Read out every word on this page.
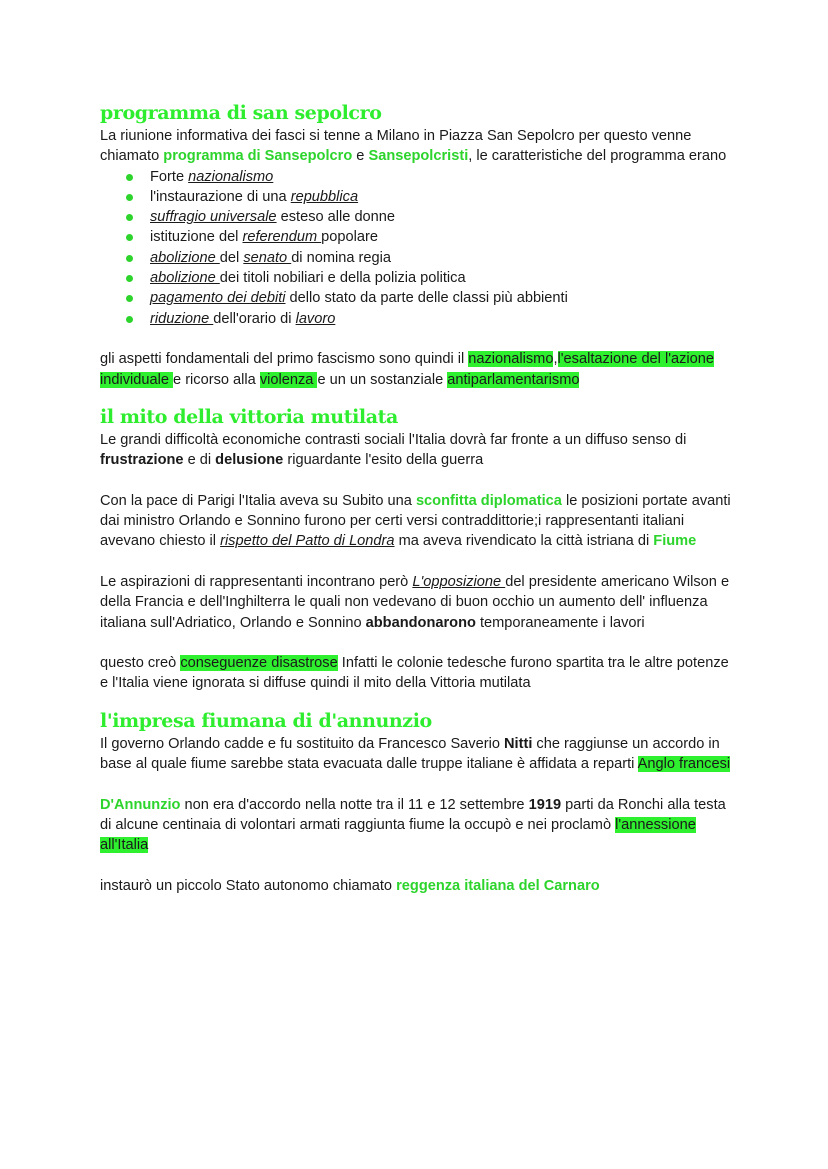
programma di san sepolcro

La riunione informativa dei fasci si tenne a Milano in Piazza San Sepolcro per questo venne chiamato programma di Sansepolcro e Sansepolcristi, le caratteristiche del programma erano

Forte nazionalismo
l'instaurazione di una repubblica
suffragio universale esteso alle donne
istituzione del referendum popolare
abolizione del senato di nomina regia
abolizione dei titoli nobiliari e della polizia politica
pagamento dei debiti dello stato da parte delle classi più abbienti
riduzione dell'orario di lavoro

gli aspetti fondamentali del primo fascismo sono quindi il nazionalismo,l'esaltazione del l'azione individuale e ricorso alla violenza e un un sostanziale antiparlamentarismo

il mito della vittoria mutilata

Le grandi difficoltà economiche contrasti sociali l'Italia dovrà far fronte a un diffuso senso di frustrazione e di delusione riguardante l'esito della guerra

Con la pace di Parigi l'Italia aveva su Subito una sconfitta diplomatica le posizioni portate avanti dai ministro Orlando e Sonnino furono per certi versi contraddittorie;i rappresentanti italiani avevano chiesto il rispetto del Patto di Londra ma aveva rivendicato la città istriana di Fiume

Le aspirazioni di rappresentanti incontrano però L'opposizione del presidente americano Wilson e della Francia e dell'Inghilterra le quali non vedevano di buon occhio un aumento dell' influenza italiana sull'Adriatico, Orlando e Sonnino abbandonarono temporaneamente i lavori

questo creò conseguenze disastrose Infatti le colonie tedesche furono spartita tra le altre potenze e l'Italia viene ignorata si diffuse quindi il mito della Vittoria mutilata

l'impresa fiumana di d'annunzio

Il governo Orlando cadde e fu sostituito da Francesco Saverio Nitti che raggiunse un accordo in base al quale fiume sarebbe stata evacuata dalle truppe italiane è affidata a reparti Anglo francesi

D'Annunzio non era d'accordo nella notte tra il 11 e 12 settembre 1919 parti da Ronchi alla testa di alcune centinaia di volontari armati raggiunta fiume la occupò e nei proclamò l'annessione all'Italia

instaurò un piccolo Stato autonomo chiamato reggenza italiana del Carnaro
